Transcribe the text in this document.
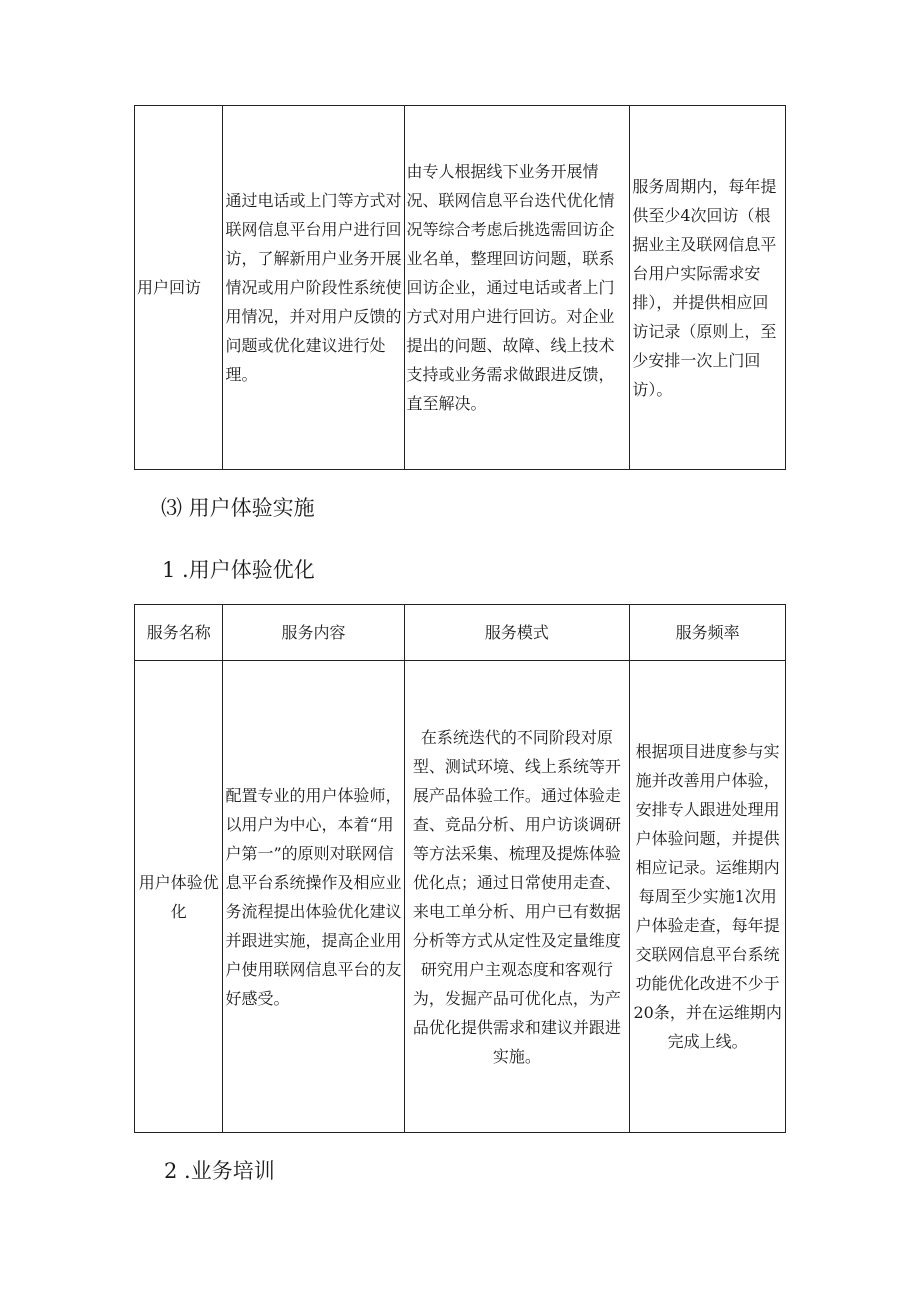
用户回访	通过电话或上门等方式对联网信息平台用户进行回访，了解新用户业务开展情况或用户阶段性系统使用情况，并对用户反馈的问题或优化建议进行处理。	由专人根据线下业务开展情况、联网信息平台迭代优化情况等综合考虑后挑选需回访企业名单，整理回访问题，联系回访企业，通过电话或者上门方式对用户进行回访。对企业提出的问题、故障、线上技术支持或业务需求做跟进反馈，直至解决。	服务周期内，每年提供至少4次回访（根据业主及联网信息平台用户实际需求安排），并提供相应回访记录（原则上，至少安排一次上门回访）。
⑶ 用户体验实施
1 .用户体验优化
服务名称	服务内容	服务模式	服务频率
用户体验优化	配置专业的用户体验师，以用户为中心，本着“用户第一”的原则对联网信息平台系统操作及相应业务流程提出体验优化建议并跟进实施，提高企业用户使用联网信息平台的友好感受。	在系统迭代的不同阶段对原型、测试环境、线上系统等开展产品体验工作。通过体验走查、竞品分析、用户访谈调研等方法采集、梳理及提炼体验优化点；通过日常使用走查、来电工单分析、用户已有数据分析等方式从定性及定量维度研究用户主观态度和客观行为，发掘产品可优化点，为产品优化提供需求和建议并跟进实施。	根据项目进度参与实施并改善用户体验，安排专人跟进处理用户体验问题，并提供相应记录。运维期内每周至少实施1次用户体验走查，每年提交联网信息平台系统功能优化改进不少于20条，并在运维期内完成上线。
2 .业务培训
